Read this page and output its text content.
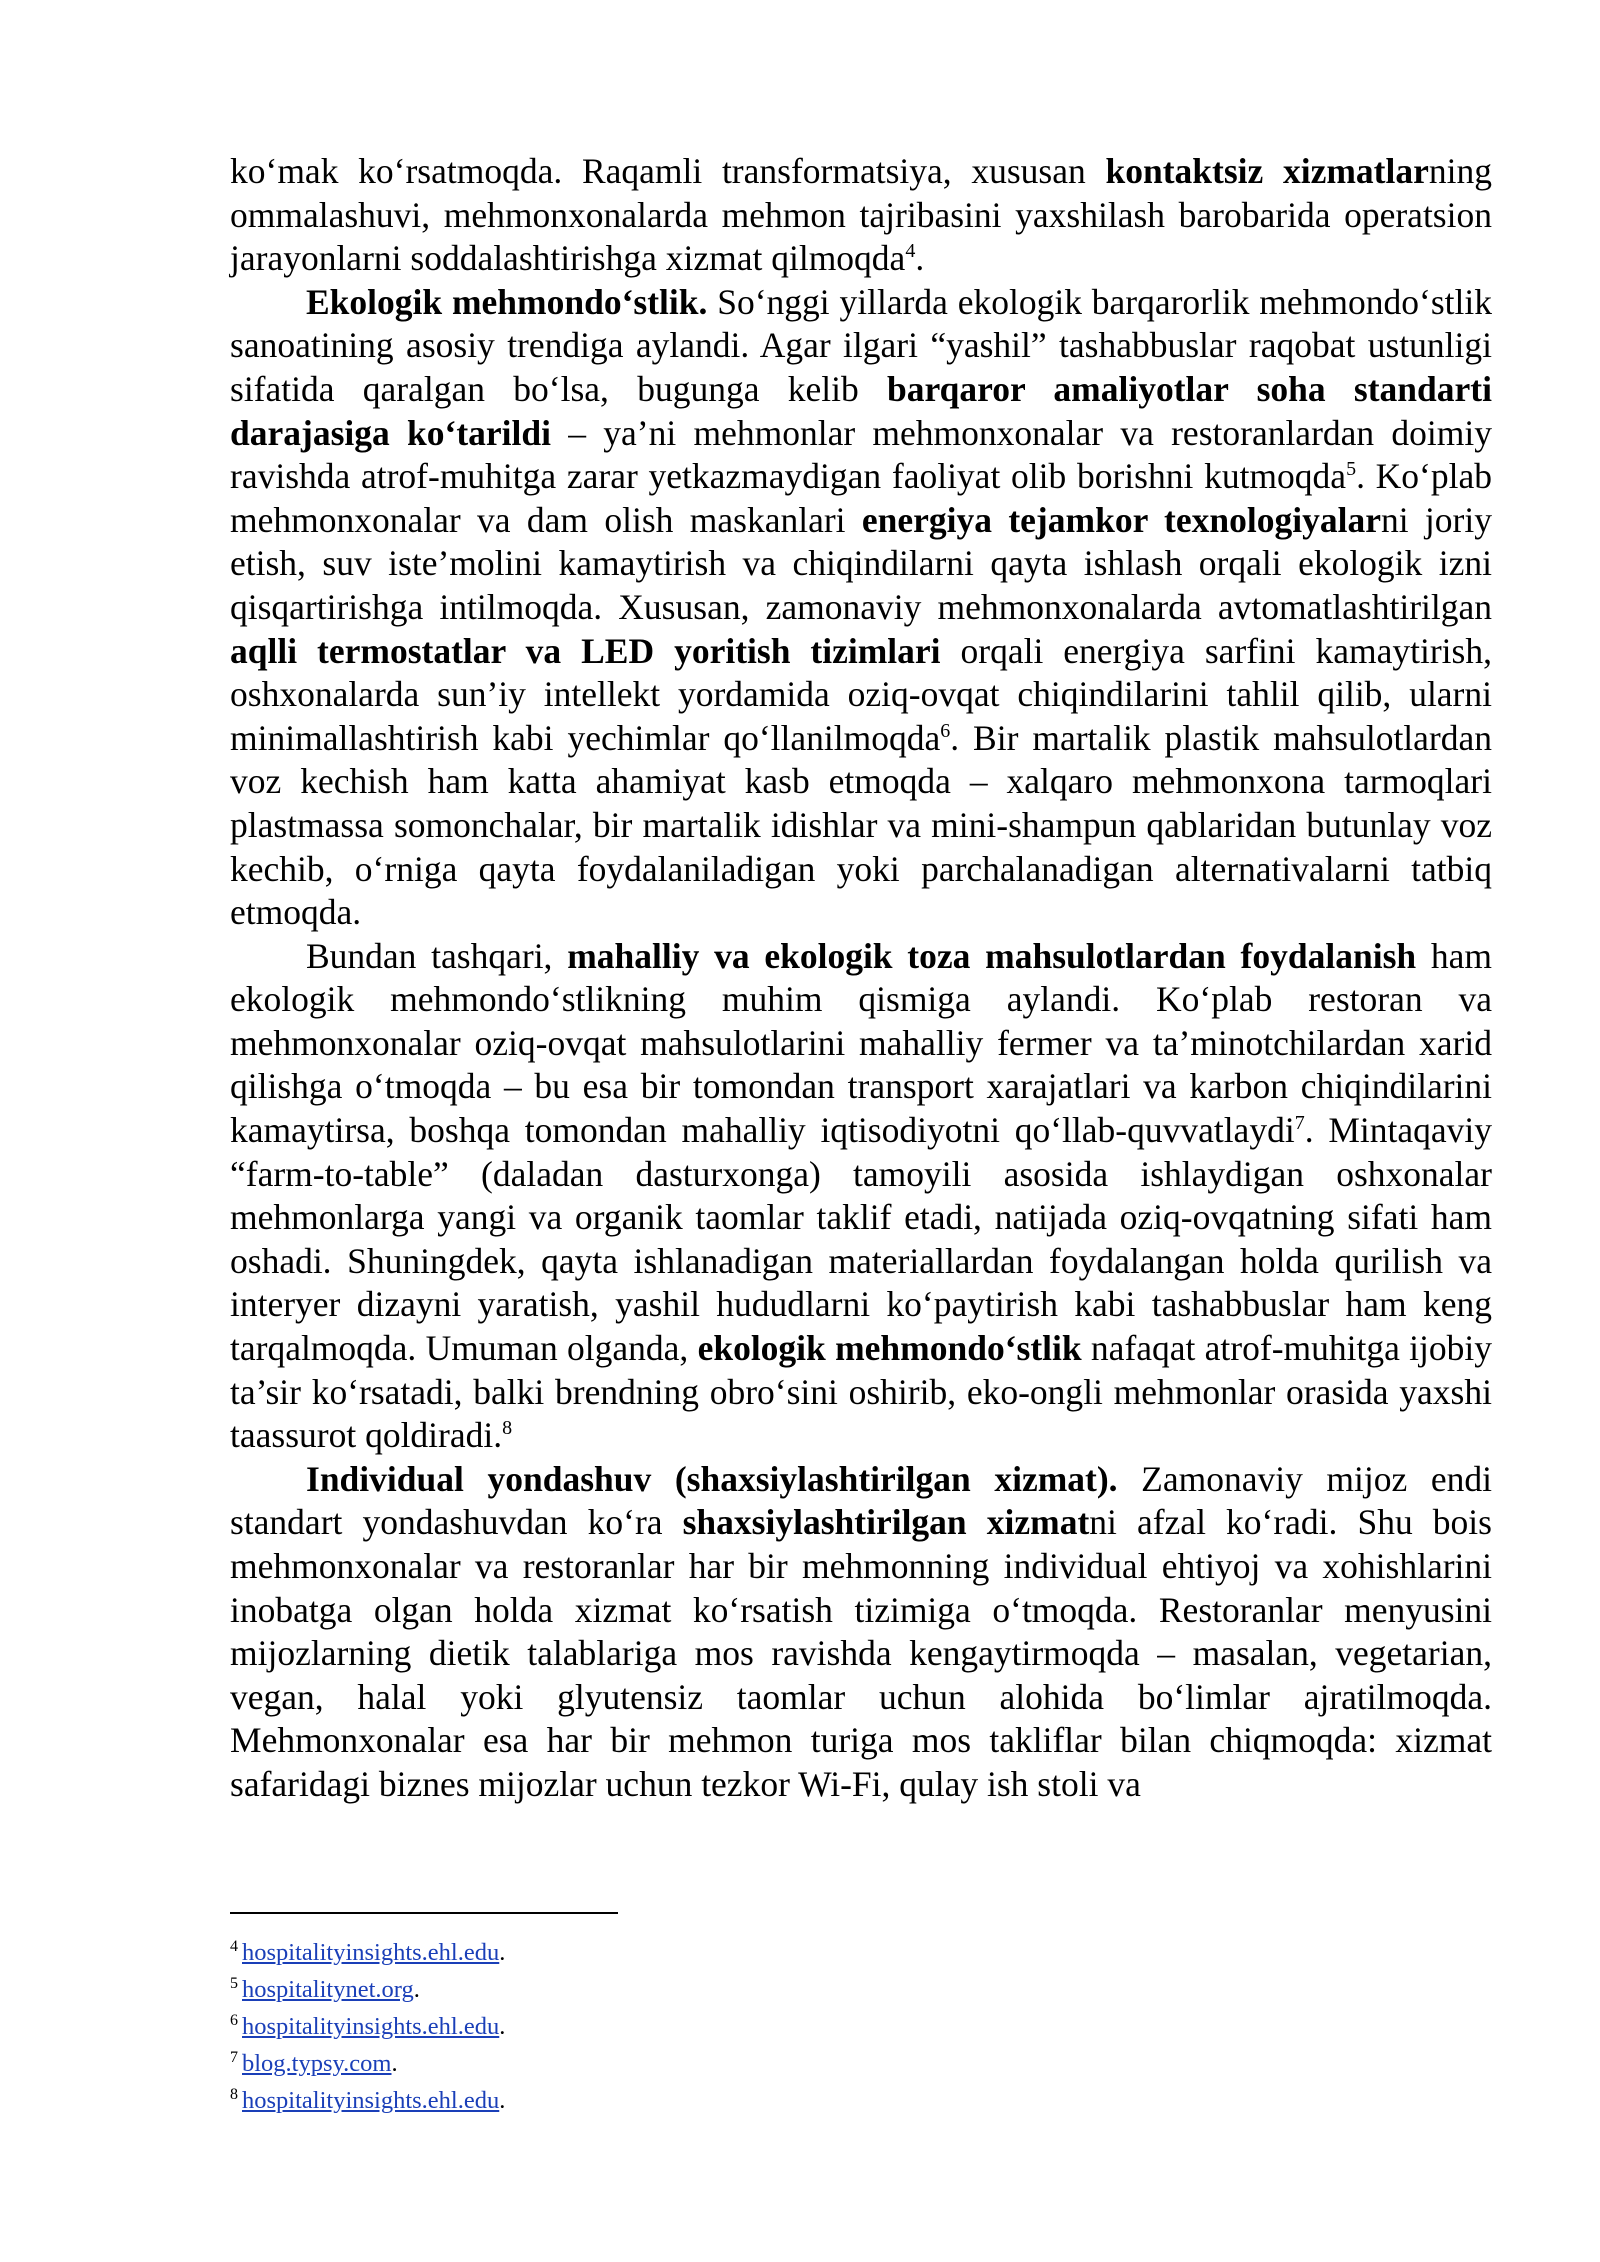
ko‘mak ko‘rsatmoqda. Raqamli transformatsiya, xususan kontaktsiz xizmatlarning ommalashuvi, mehmonxonalarda mehmon tajribasini yaxshilash barobarida operatsion jarayonlarni soddalashtirishga xizmat qilmoqda$^4$.

Ekologik mehmondo‘stlik. So‘nggi yillarda ekologik barqarorlik mehmondo‘stlik sanoatining asosiy trendiga aylandi. Agar ilgari “yashil” tashabbuslar raqobat ustunligi sifatida qaralgan bo‘lsa, bugunga kelib barqaror amaliyotlar soha standarti darajasiga ko‘tarildi – ya’ni mehmonlar mehmonxonalar va restoranlardan doimiy ravishda atrof-muhitga zarar yetkazmaydigan faoliyat olib borishni kutmoqda$^5$. Ko‘plab mehmonxonalar va dam olish maskanlari energiya tejamkor texnologiyalarni joriy etish, suv iste’molini kamaytirish va chiqindilarni qayta ishlash orqali ekologik izni qisqartirishga intilmoqda. Xususan, zamonaviy mehmonxonalarda avtomatlashtirilgan aqlli termostatlar va LED yoritish tizimlari orqali energiya sarfini kamaytirish, oshxonalarda sun’iy intellekt yordamida oziq-ovqat chiqindilarini tahlil qilib, ularni minimallashtirish kabi yechimlar qo‘llanilmoqda$^6$. Bir martalik plastik mahsulotlardan voz kechish ham katta ahamiyat kasb etmoqda – xalqaro mehmonxona tarmoqlari plastmassa somonchalar, bir martalik idishlar va mini-shampun qablaridan butunlay voz kechib, o‘rniga qayta foydalaniladigan yoki parchalanadigan alternativalarni tatbiq etmoqda.

Bundan tashqari, mahalliy va ekologik toza mahsulotlardan foydalanish ham ekologik mehmondo‘stlikning muhim qismiga aylandi. Ko‘plab restoran va mehmonxonalar oziq-ovqat mahsulotlarini mahalliy fermer va ta’minotchilardan xarid qilishga o‘tmoqda – bu esa bir tomondan transport xarajatlari va karbon chiqindilarini kamaytirsa, boshqa tomondan mahalliy iqtisodiyotni qo‘llab-quvvatlaydi$^7$. Mintaqaviy “farm-to-table” (daladan dasturxonga) tamoyili asosida ishlaydigan oshxonalar mehmonlarga yangi va organik taomlar taklif etadi, natijada oziq-ovqatning sifati ham oshadi. Shuningdek, qayta ishlanadigan materiallardan foydalangan holda qurilish va interyer dizayni yaratish, yashil hududlarni ko‘paytirish kabi tashabbuslar ham keng tarqalmoqda. Umuman olganda, ekologik mehmondo‘stlik nafaqat atrof-muhitga ijobiy ta’sir ko‘rsatadi, balki brendning obro‘sini oshirib, eko-ongli mehmonlar orasida yaxshi taassurot qoldiradi.$^8$

Individual yondashuv (shaxsiylashtirilgan xizmat). Zamonaviy mijoz endi standart yondashuvdan ko‘ra shaxsiylashtirilgan xizmatni afzal ko‘radi. Shu bois mehmonxonalar va restoranlar har bir mehmonning individual ehtiyoj va xohishlarini inobatga olgan holda xizmat ko‘rsatish tizimiga o‘tmoqda. Restoranlar menyusini mijozlarning dietik talablariga mos ravishda kengaytirmoqda – masalan, vegetarian, vegan, halal yoki glyutensiz taomlar uchun alohida bo‘limlar ajratilmoqda. Mehmonxonalar esa har bir mehmon turiga mos takliflar bilan chiqmoqda: xizmat safaridagi biznes mijozlar uchun tezkor Wi-Fi, qulay ish stoli va

$^4$ hospitalityinsights.ehl.edu.

$^5$ hospitalitynet.org.

$^6$ hospitalityinsights.ehl.edu.

$^7$ blog.typsy.com.

$^8$ hospitalityinsights.ehl.edu.
